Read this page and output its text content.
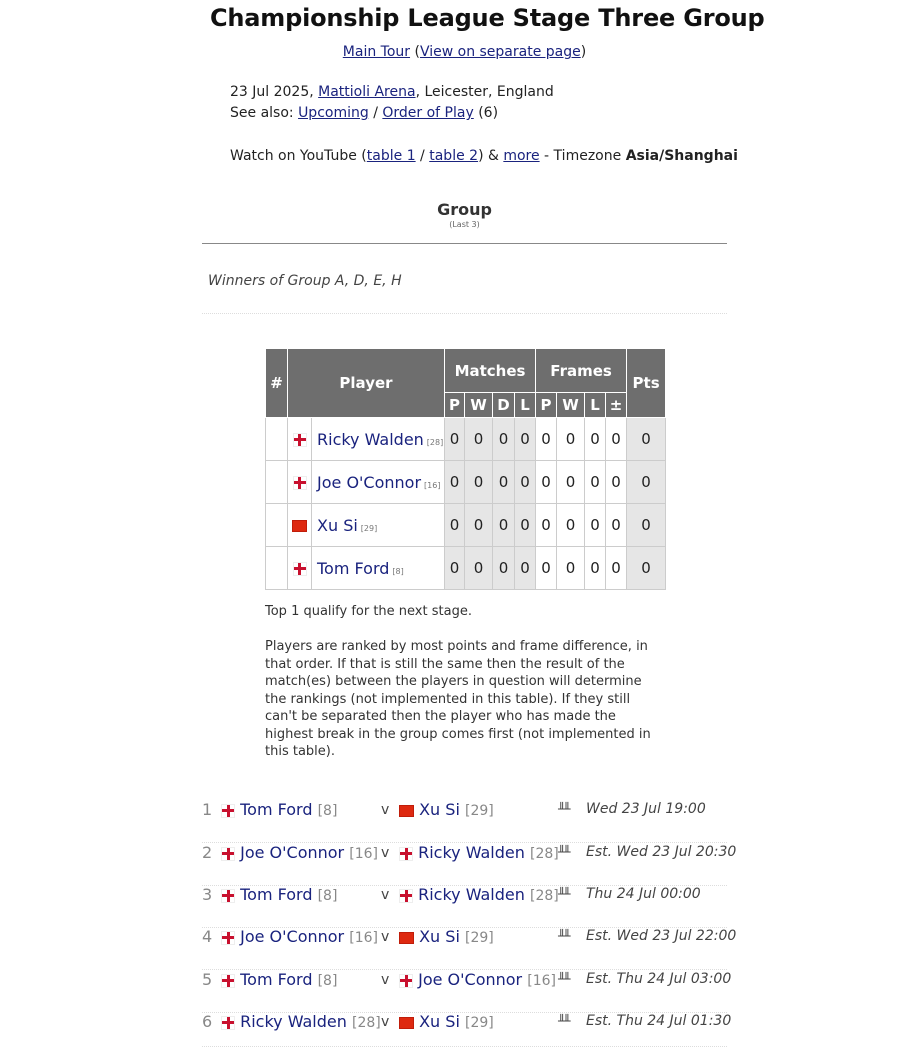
Championship League Stage Three Group
Main Tour (View on separate page)
23 Jul 2025, Mattioli Arena, Leicester, England
See also: Upcoming / Order of Play (6)
Watch on YouTube (table 1 / table 2) & more - Timezone Asia/Shanghai
Group
(Last 3)
Winners of Group A, D, E, H
#	Player		Matches				Frames				Pts
			P	W	D	L	P	W	L	±	
		Ricky Walden [28]	0	0	0	0	0	0	0	0	0
		Joe O'Connor [16]	0	0	0	0	0	0	0	0	0
		Xu Si [29]	0	0	0	0	0	0	0	0	0
		Tom Ford [8]	0	0	0	0	0	0	0	0	0
Top 1 qualify for the next stage.
Players are ranked by most points and frame difference, in that order. If that is still the same then the result of the match(es) between the players in question will determine the rankings (not implemented in this table). If they still can't be separated then the player who has made the highest break in the group comes first (not implemented in this table).
1	Tom Ford [8]	v	Xu Si [29]	╨╨ Wed 23 Jul 19:00
2	Joe O'Connor [16] v	Ricky Walden [28] ╨╨ Est. Wed 23 Jul 20:30
3	Tom Ford [8]	v	Ricky Walden [28] ╨╨ Thu 24 Jul 00:00
4	Joe O'Connor [16] v	Xu Si [29]	╨╨ Est. Wed 23 Jul 22:00
5	Tom Ford [8]	v	Joe O'Connor [16] ╨╨ Est. Thu 24 Jul 03:00
6	Ricky Walden [28] v	Xu Si [29]	╨╨ Est. Thu 24 Jul 01:30
